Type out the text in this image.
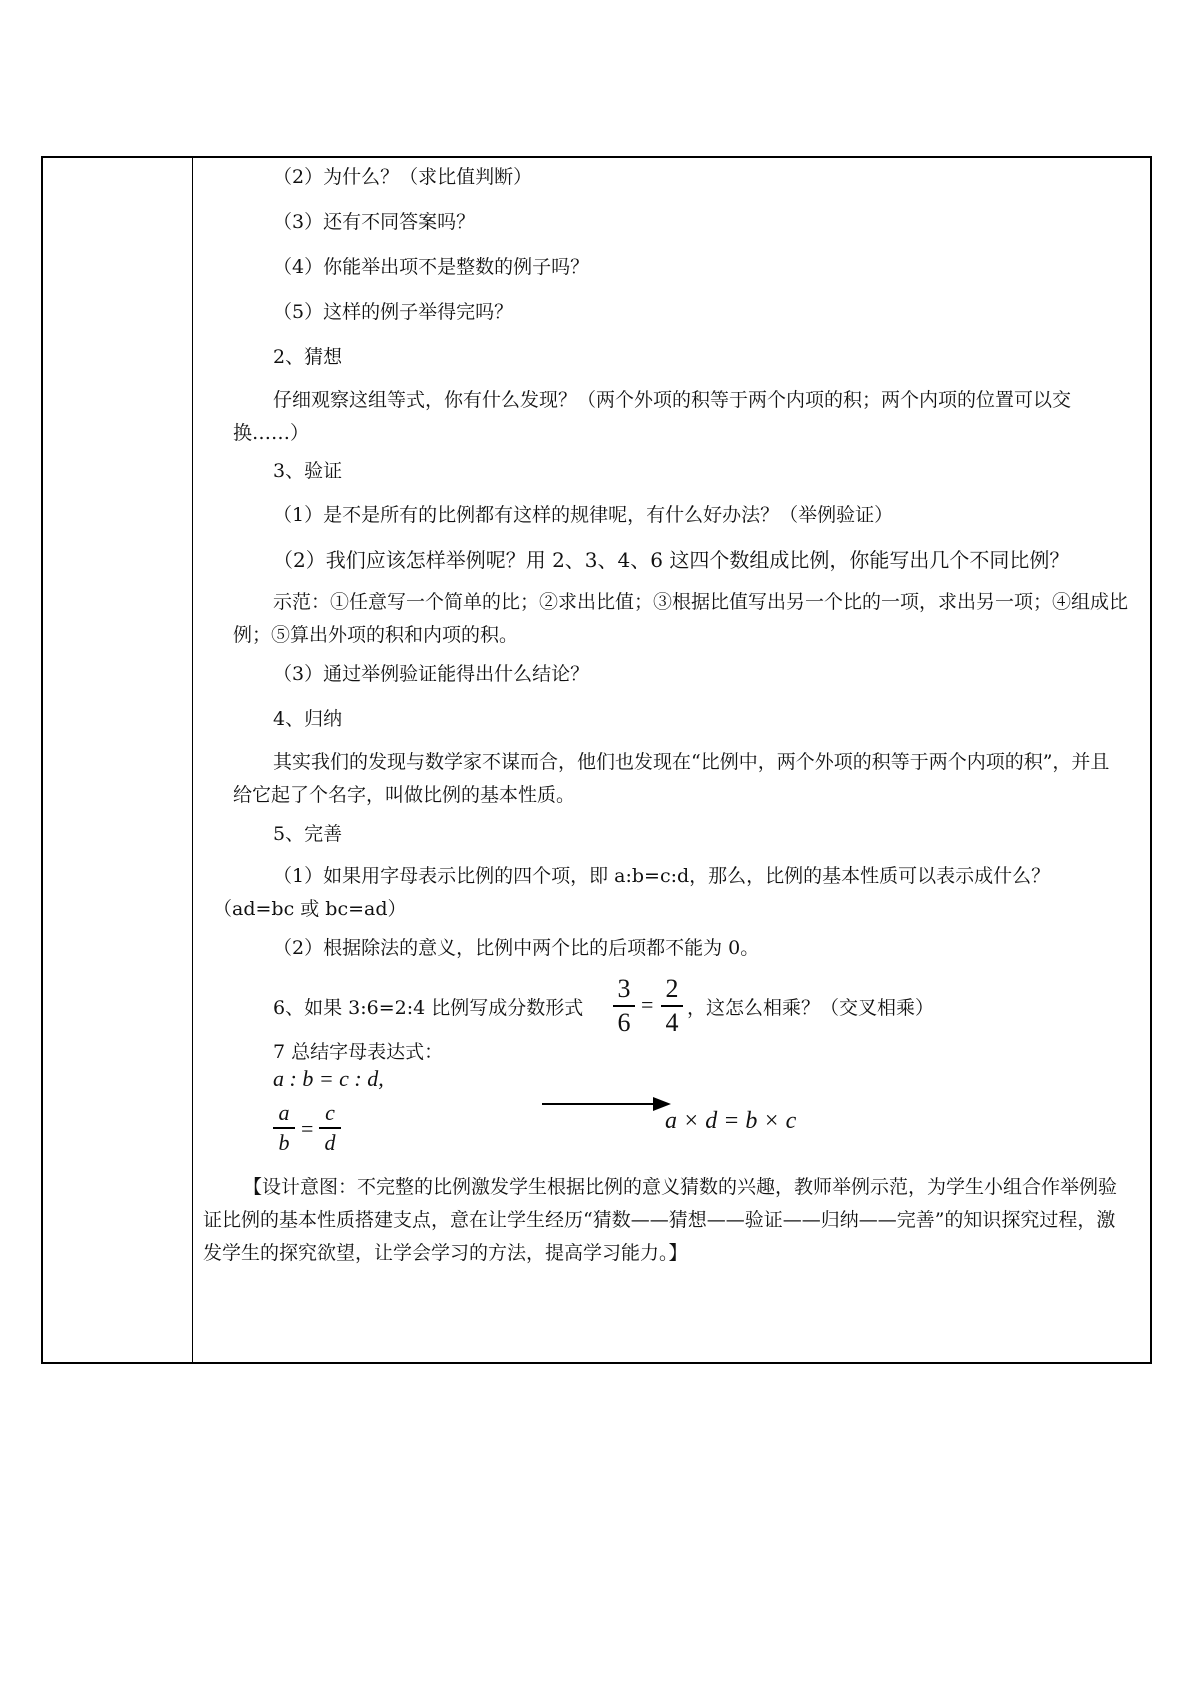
（2）为什么？（求比值判断）
（3）还有不同答案吗？
（4）你能举出项不是整数的例子吗？
（5）这样的例子举得完吗？
2、猜想
仔细观察这组等式，你有什么发现？（两个外项的积等于两个内项的积；两个内项的位置可以交换……）
3、验证
（1）是不是所有的比例都有这样的规律呢，有什么好办法？（举例验证）
（2）我们应该怎样举例呢？用 2、3、4、6 这四个数组成比例，你能写出几个不同比例？
示范：①任意写一个简单的比；②求出比值；③根据比值写出另一个比的一项，求出另一项；④组成比例；⑤算出外项的积和内项的积。
（3）通过举例验证能得出什么结论？
4、归纳
其实我们的发现与数学家不谋而合，他们也发现在“比例中，两个外项的积等于两个内项的积”，并且给它起了个名字，叫做比例的基本性质。
5、完善
（1）如果用字母表示比例的四个项，即 a:b=c:d，那么，比例的基本性质可以表示成什么？（ad=bc 或 bc=ad）
（2）根据除法的意义，比例中两个比的后项都不能为 0。
6、如果 3:6=2:4 比例写成分数形式
3
6
=
2
4 ，这怎么相乘？（交叉相乘）
7 总结字母表达式：
a : b = c : d,
a
b
=
c
d
a × d = b × c
【设计意图：不完整的比例激发学生根据比例的意义猜数的兴趣，教师举例示范，为学生小组合作举例验证比例的基本性质搭建支点，意在让学生经历“猜数——猜想——验证——归纳——完善”的知识探究过程，激发学生的探究欲望，让学会学习的方法，提高学习能力。】
